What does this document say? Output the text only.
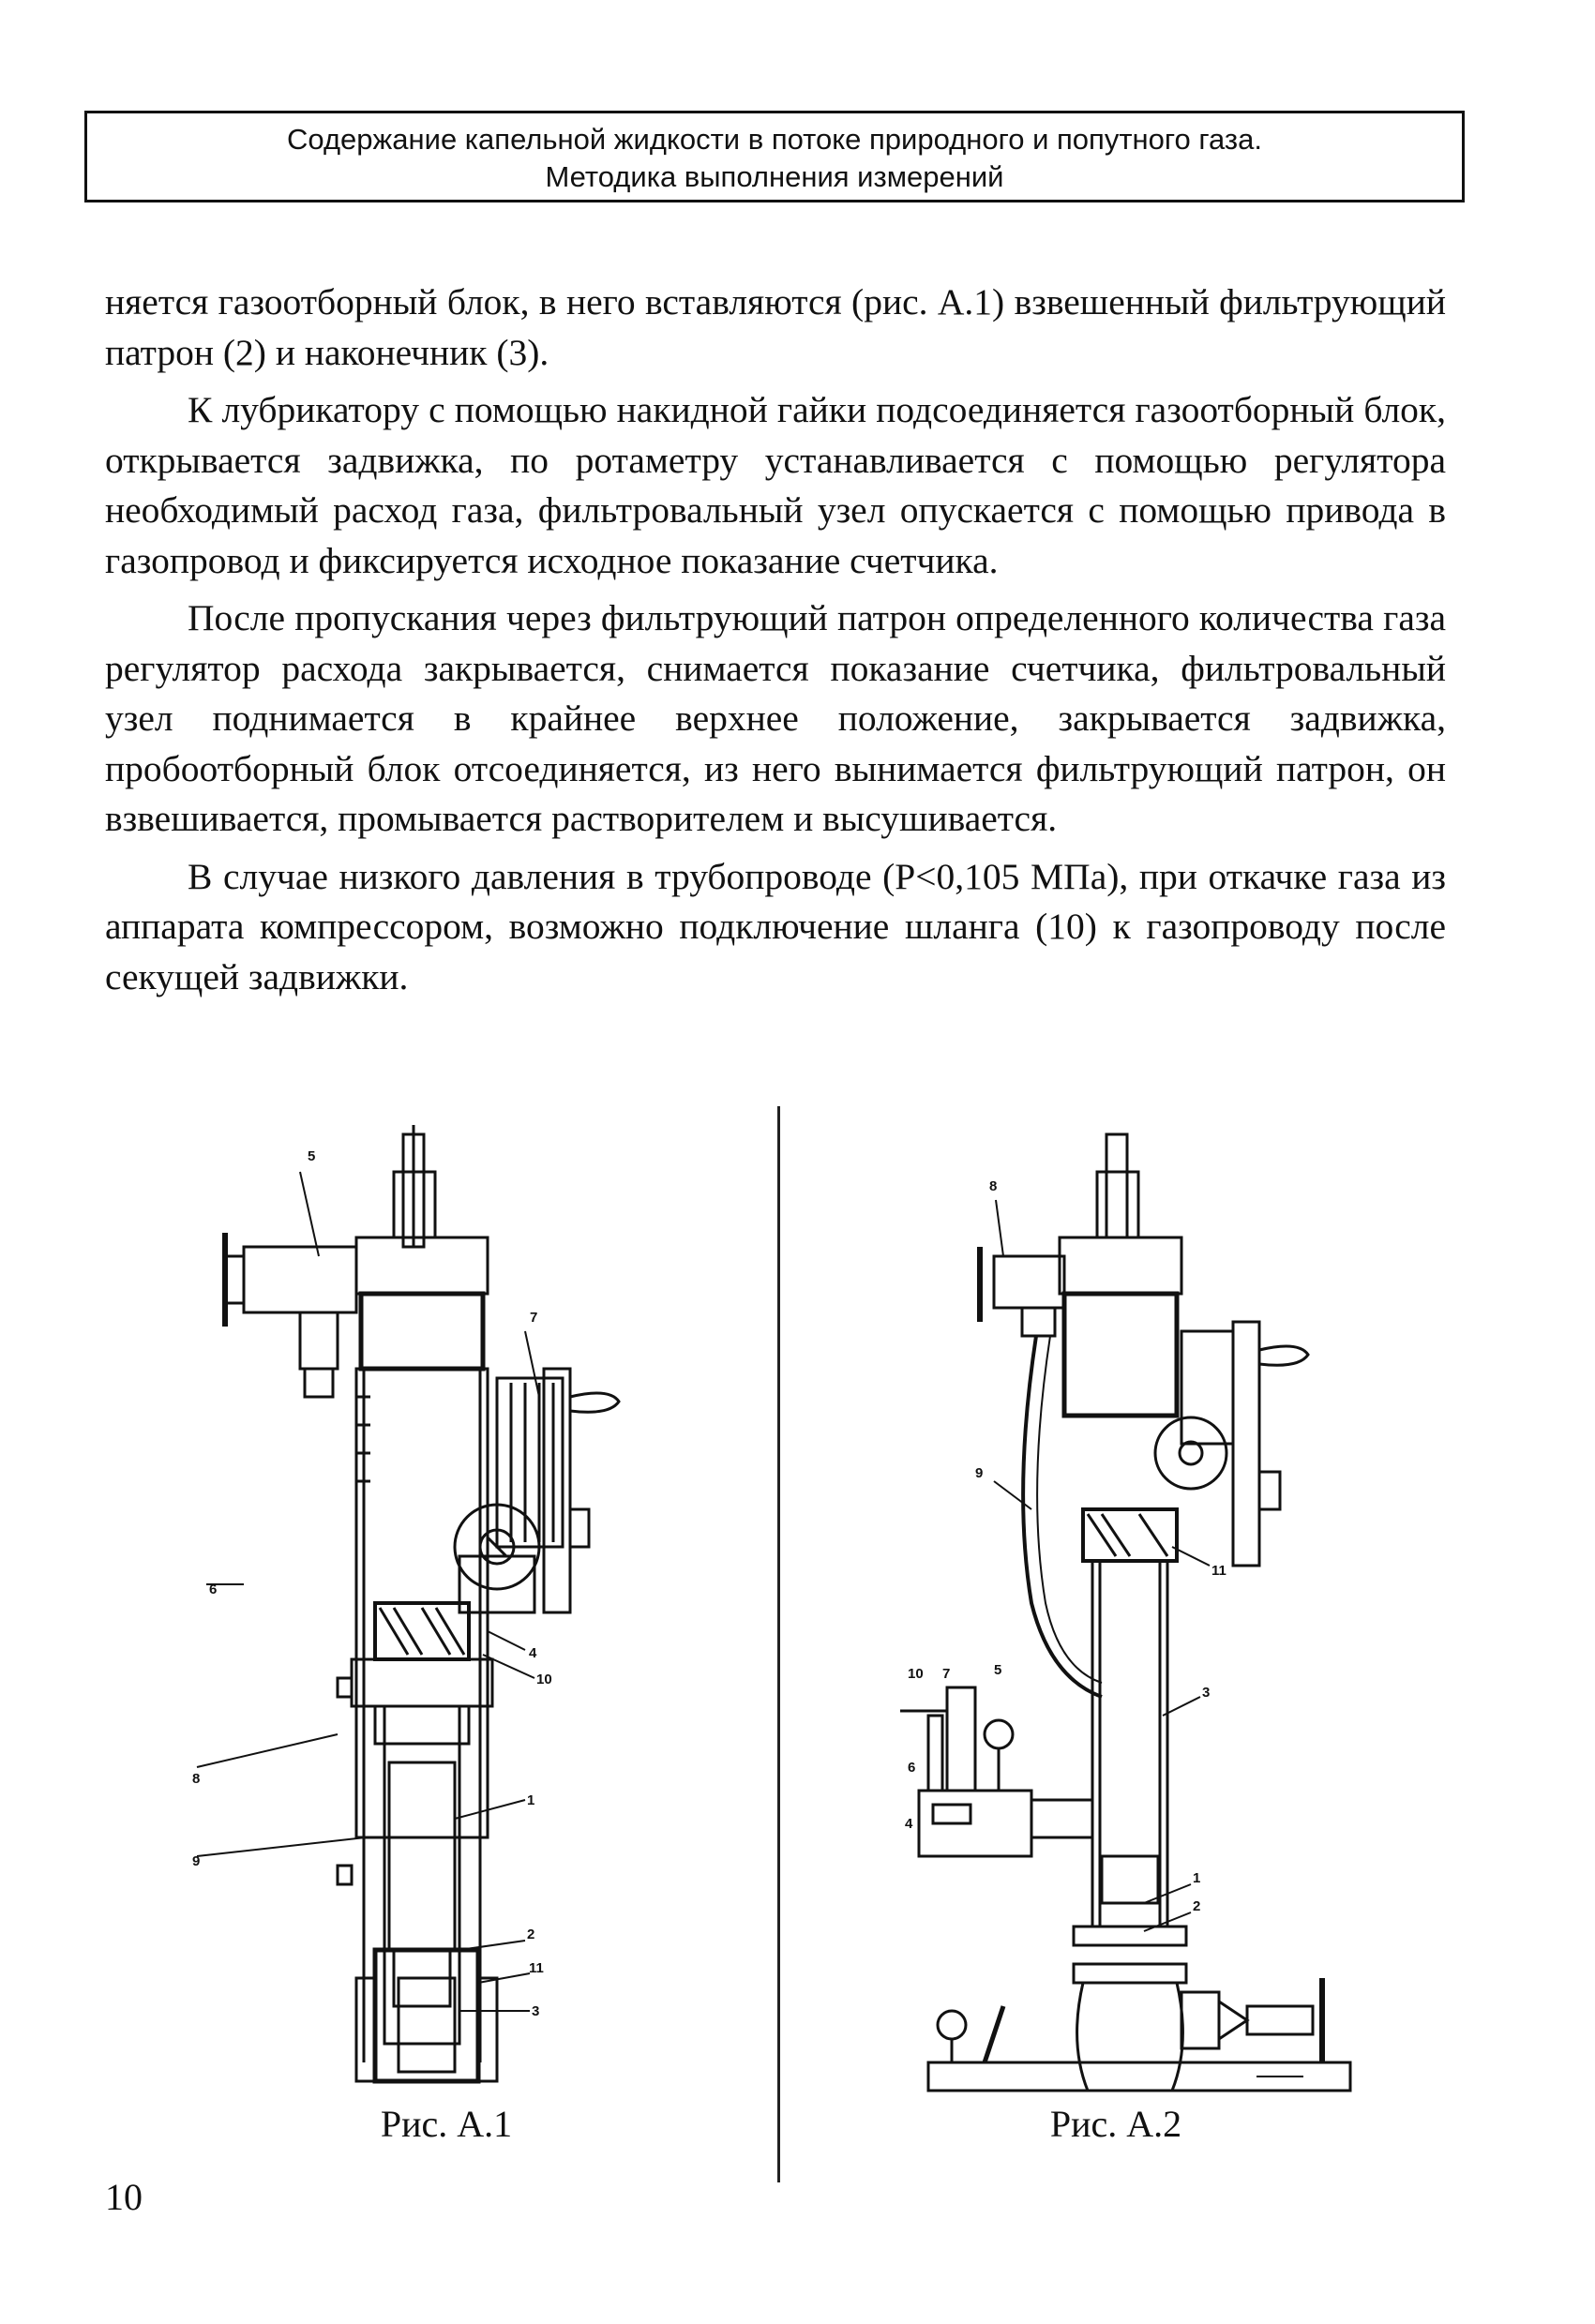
Содержание капельной жидкости в потоке природного и попутного газа.
Методика выполнения измерений

няется газоотборный блок, в него вставляются (рис. А.1) взвешенный фильтрующий патрон (2) и наконечник (3).

К лубрикатору с помощью накидной гайки подсоединяется газоотборный блок, открывается задвижка, по ротаметру устанавливается с помощью регулятора необходимый расход газа, фильтровальный узел опускается с помощью привода в газопровод и фиксируется исходное показание счетчика.

После пропускания через фильтрующий патрон определенного количества газа регулятор расхода закрывается, снимается показание счетчика, фильтровальный узел поднимается в крайнее верхнее положение, закрывается задвижка, пробоотборный блок отсоединяется, из него вынимается фильтрующий патрон, он взвешивается, промывается растворителем и высушивается.

В случае низкого давления в трубопроводе (Р<0,105 МПа), при откачке газа из аппарата компрессором, возможно подключение шланга (10) к газопроводу после секущей задвижки.

5
7
6
4
8
10
9
1
2
11
3
8
9
10 7	5
11
3
6
4
1
2
Рис. А.1	Рис. А.2
10
